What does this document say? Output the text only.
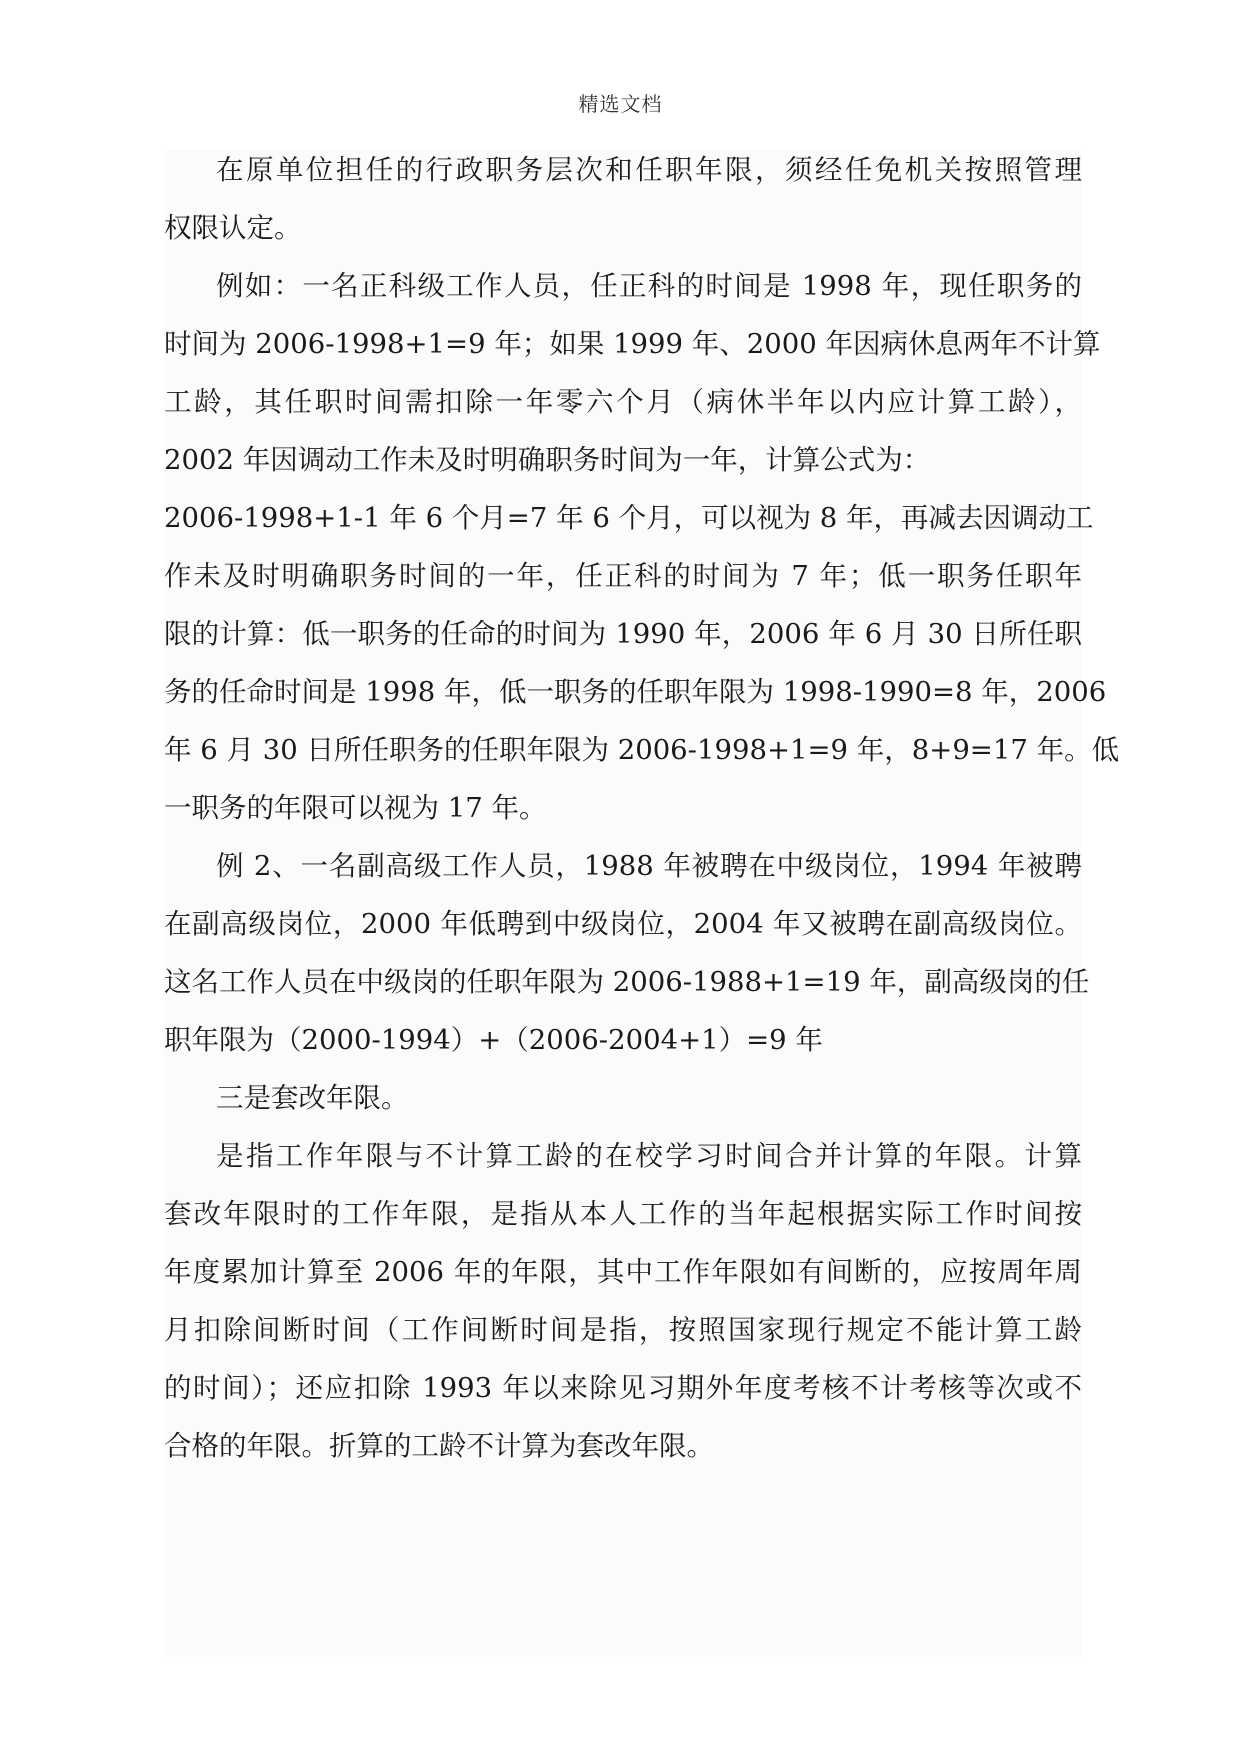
精选文档
在原单位担任的行政职务层次和任职年限，须经任免机关按照管理
权限认定。
例如：一名正科级工作人员，任正科的时间是 1998 年，现任职务的
时间为 2006-1998+1=9 年；如果 1999 年、2000 年因病休息两年不计算
工龄，其任职时间需扣除一年零六个月（病休半年以内应计算工龄），
2002 年因调动工作未及时明确职务时间为一年，计算公式为：
2006-1998+1-1 年 6 个月=7 年 6 个月，可以视为 8 年，再减去因调动工
作未及时明确职务时间的一年，任正科的时间为 7 年；低一职务任职年
限的计算：低一职务的任命的时间为 1990 年，2006 年 6 月 30 日所任职
务的任命时间是 1998 年，低一职务的任职年限为 1998-1990=8 年，2006
年 6 月 30 日所任职务的任职年限为 2006-1998+1=9 年，8+9=17 年。低
一职务的年限可以视为 17 年。
例 2、一名副高级工作人员，1988 年被聘在中级岗位，1994 年被聘
在副高级岗位，2000 年低聘到中级岗位，2004 年又被聘在副高级岗位。
这名工作人员在中级岗的任职年限为 2006-1988+1=19 年，副高级岗的任
职年限为（2000-1994）+（2006-2004+1）=9 年
三是套改年限。
是指工作年限与不计算工龄的在校学习时间合并计算的年限。计算
套改年限时的工作年限，是指从本人工作的当年起根据实际工作时间按
年度累加计算至 2006 年的年限，其中工作年限如有间断的，应按周年周
月扣除间断时间（工作间断时间是指，按照国家现行规定不能计算工龄
的时间）；还应扣除 1993 年以来除见习期外年度考核不计考核等次或不
合格的年限。折算的工龄不计算为套改年限。
